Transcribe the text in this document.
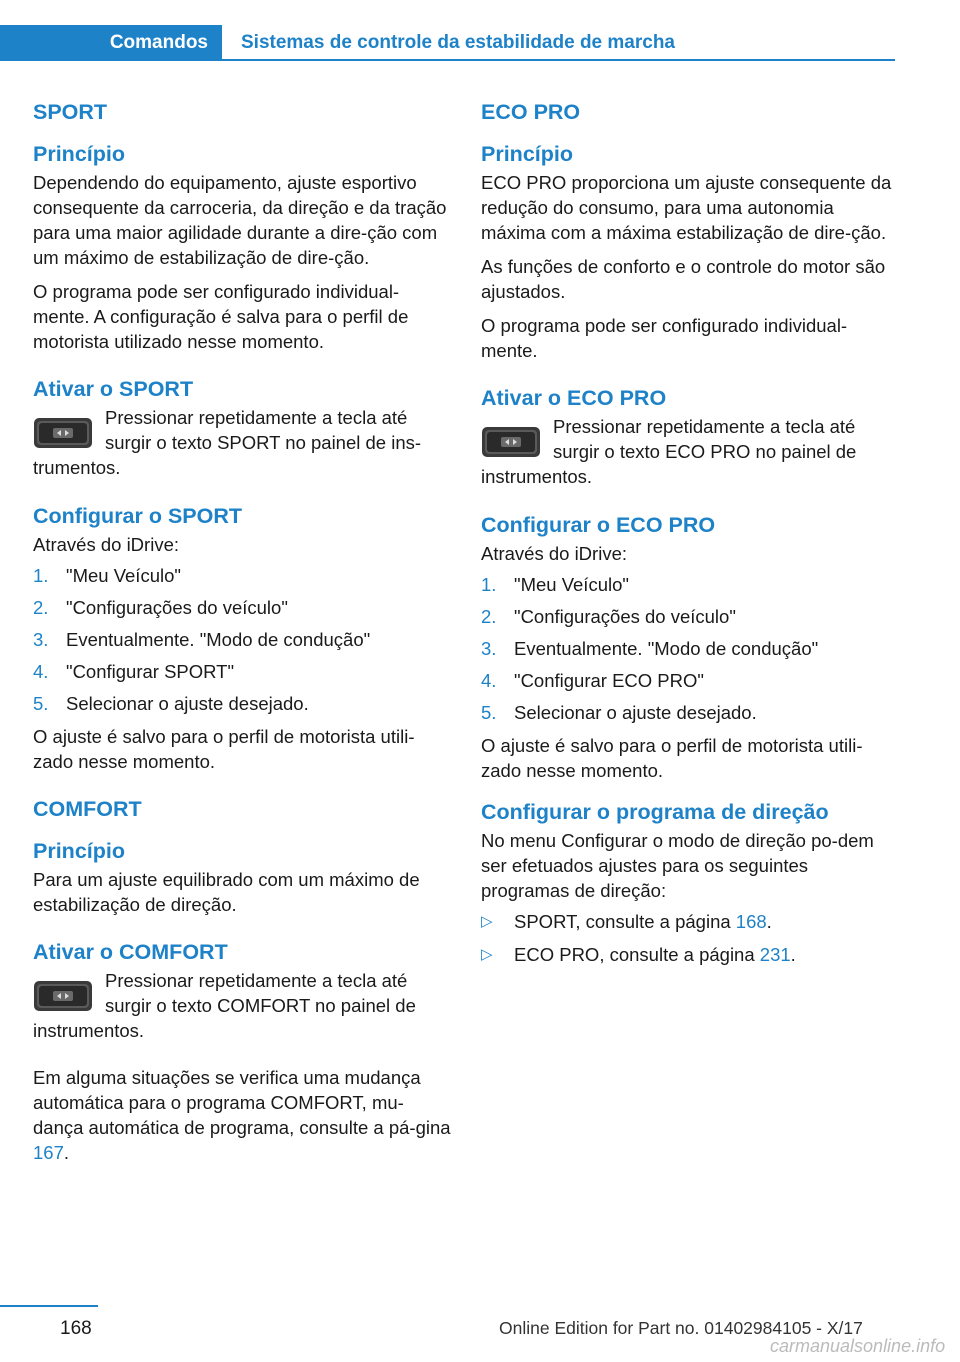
Comandos	Sistemas de controle da estabilidade de marcha
SPORT
Princípio

Dependendo do equipamento, ajuste esportivo consequente da carroceria, da direção e da tração para uma maior agilidade durante a dire‐ção com um máximo de estabilização de dire‐ção.

O programa pode ser configurado individual‐mente. A configuração é salva para o perfil de motorista utilizado nesse momento.

Ativar o SPORT
Pressionar repetidamente a tecla até surgir o texto SPORT no painel de ins‐trumentos.
Configurar o SPORT

Através do iDrive:

1. "Meu Veículo"
2. "Configurações do veículo"
3. Eventualmente. "Modo de condução"
4. "Configurar SPORT"
5. Selecionar o ajuste desejado.

O ajuste é salvo para o perfil de motorista utili‐zado nesse momento.

COMFORT
Princípio

Para um ajuste equilibrado com um máximo de estabilização de direção.

Ativar o COMFORT
Pressionar repetidamente a tecla até surgir o texto COMFORT no painel de instrumentos.

Em alguma situações se verifica uma mudança automática para o programa COMFORT, mu‐dança automática de programa, consulte a pá‐gina 167.

ECO PRO
Princípio

ECO PRO proporciona um ajuste consequente da redução do consumo, para uma autonomia máxima com a máxima estabilização de dire‐ção.

As funções de conforto e o controle do motor são ajustados.

O programa pode ser configurado individual‐mente.

Ativar o ECO PRO
Pressionar repetidamente a tecla até surgir o texto ECO PRO no painel de instrumentos.
Configurar o ECO PRO

Através do iDrive:

1. "Meu Veículo"
2. "Configurações do veículo"
3. Eventualmente. "Modo de condução"
4. "Configurar ECO PRO"
5. Selecionar o ajuste desejado.

O ajuste é salvo para o perfil de motorista utili‐zado nesse momento.

Configurar o programa de direção

No menu Configurar o modo de direção po‐dem ser efetuados ajustes para os seguintes programas de direção:

▷	SPORT, consulte a página 168.
▷	ECO PRO, consulte a página 231.
168	Online Edition for Part no. 01402984105 - X/17
carmanualsonline.info
